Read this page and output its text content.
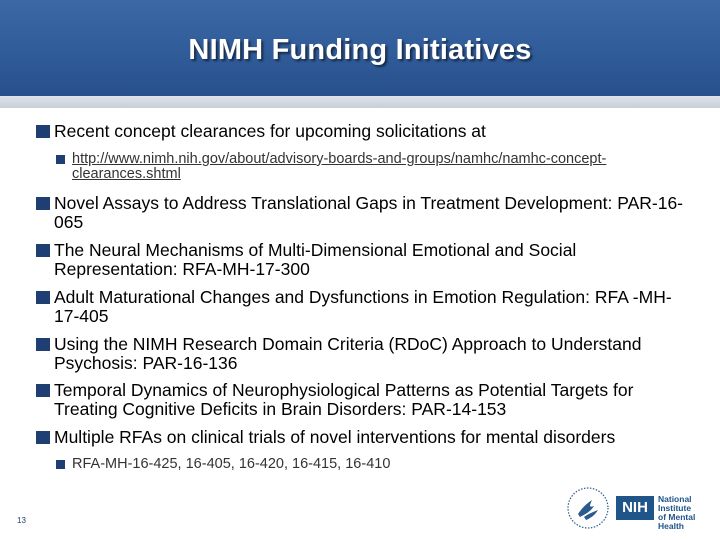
NIMH Funding Initiatives
Recent concept clearances for upcoming solicitations at
http://www.nimh.nih.gov/about/advisory-boards-and-groups/namhc/namhc-concept-clearances.shtml
Novel Assays to Address Translational Gaps in Treatment Development: PAR-16-065
The Neural Mechanisms of Multi-Dimensional Emotional and Social Representation: RFA-MH-17-300
Adult Maturational Changes and Dysfunctions in Emotion Regulation: RFA -MH-17-405
Using the NIMH Research Domain Criteria (RDoC) Approach to Understand Psychosis: PAR-16-136
Temporal Dynamics of Neurophysiological Patterns as Potential Targets for Treating Cognitive Deficits in Brain Disorders: PAR-14-153
Multiple RFAs on clinical trials of novel interventions for mental disorders
RFA-MH-16-425, 16-405, 16-420, 16-415, 16-410
13
NIH	National Institute
of Mental Health
